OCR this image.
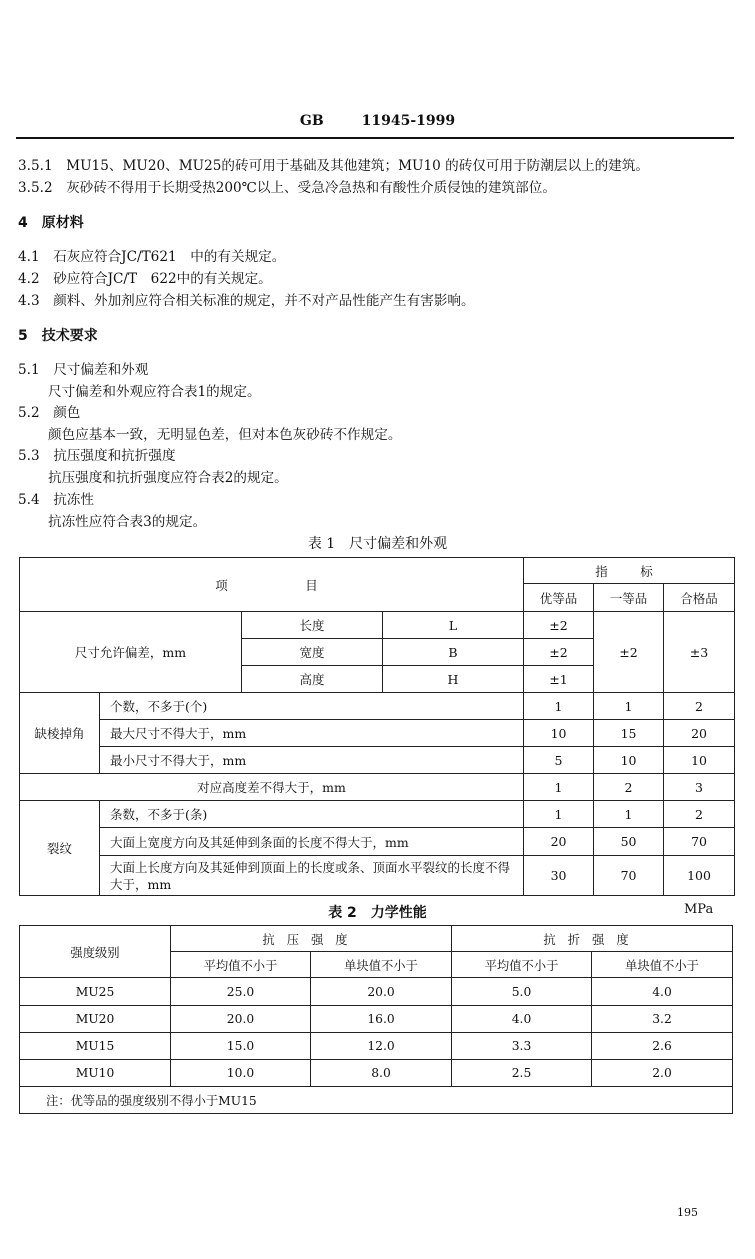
GB	11945-1999
3.5.1　MU15、MU20、MU25的砖可用于基础及其他建筑；MU10 的砖仅可用于防潮层以上的建筑。
3.5.2　灰砂砖不得用于长期受热200℃以上、受急冷急热和有酸性介质侵蚀的建筑部位。
4　原材料
4.1　石灰应符合JC/T621　中的有关规定。
4.2　砂应符合JC/T　622中的有关规定。
4.3　颜料、外加剂应符合相关标准的规定，并不对产品性能产生有害影响。
5　技术要求
5.1　尺寸偏差和外观
尺寸偏差和外观应符合表1的规定。
5.2　颜色
颜色应基本一致，无明显色差，但对本色灰砂砖不作规定。
5.3　抗压强度和抗折强度
抗压强度和抗折强度应符合表2的规定。
5.4　抗冻性
抗冻性应符合表3的规定。
表 1　尺寸偏差和外观
项　　　目				指　标		
				优等品	一等品	合格品
尺寸允许偏差，mm		长度	L	±2	±2	±3
		宽度	B	±2		
		高度	H	±1		
缺棱掉角	个数，不多于(个)			1	1	2
	最大尺寸不得大于，mm			10	15	20
	最小尺寸不得大于，mm			5	10	10
对应高度差不得大于，mm				1	2	3
裂纹	条数，不多于(条)			1	1	2
	大面上宽度方向及其延伸到条面的长度不得大于，mm			20	50	70
	大面上长度方向及其延伸到顶面上的长度或条、顶面水平裂纹的长度不得大于，mm			30	70	100
表 2　力学性能	MPa
强度级别	抗压强度		抗折强度	
	平均值不小于	单块值不小于	平均值不小于	单块值不小于
MU25	25.0	20.0	5.0	4.0
MU20	20.0	16.0	4.0	3.2
MU15	15.0	12.0	3.3	2.6
MU10	10.0	8.0	2.5	2.0
注：优等品的强度级别不得小于MU15				
195
